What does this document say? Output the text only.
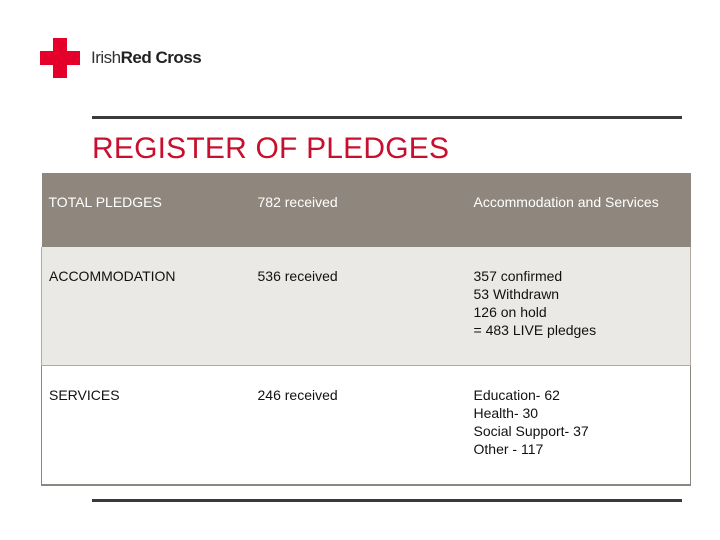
IrishRed Cross
REGISTER OF PLEDGES
TOTAL PLEDGES	782 received	Accommodation and Services
ACCOMMODATION	536 received	357 confirmed
53 Withdrawn
126 on hold
= 483 LIVE pledges

SERVICES	246 received	Education- 62
Health- 30
Social Support- 37
Other - 117
